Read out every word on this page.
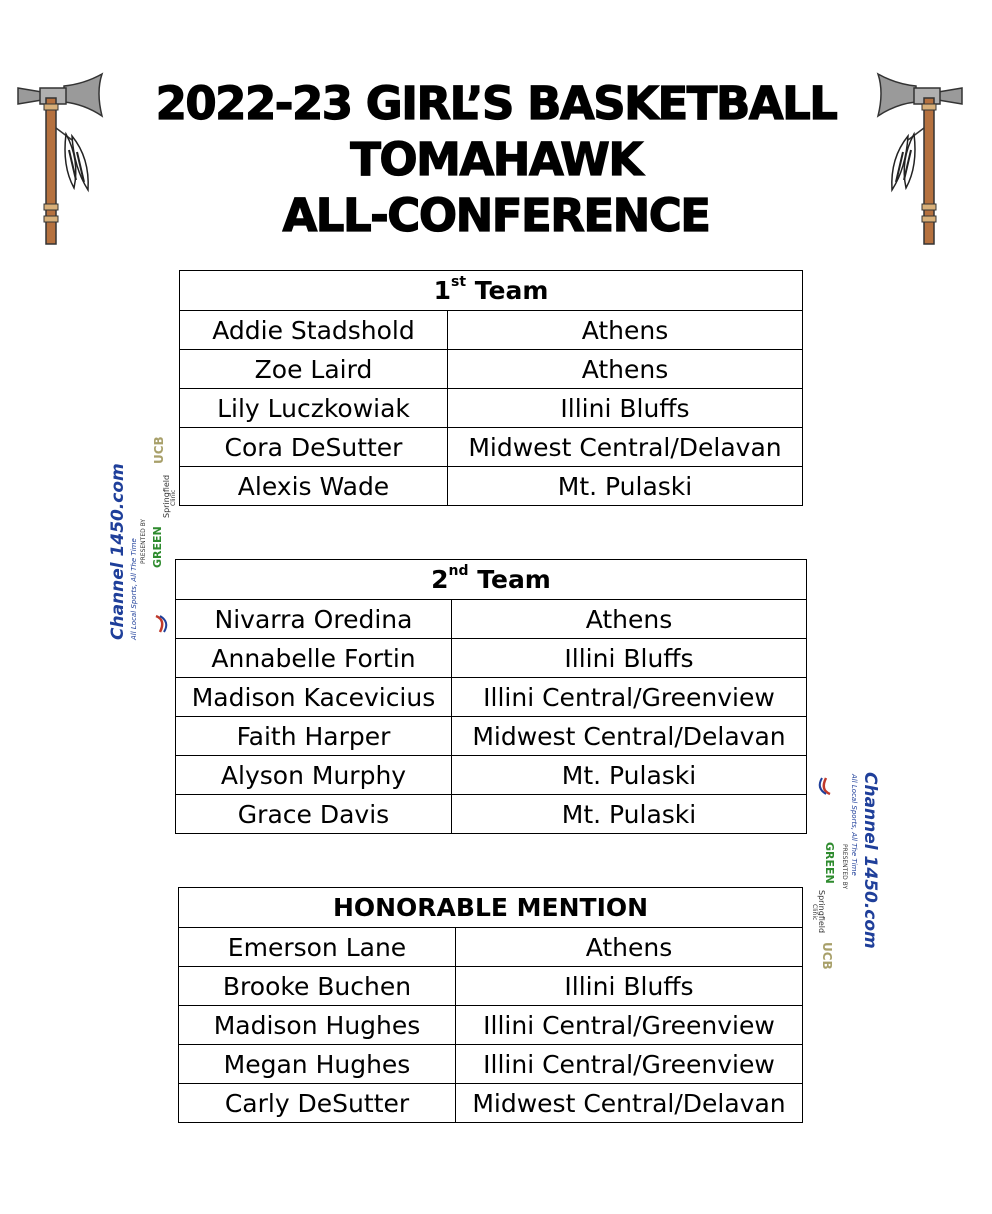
2022-23 GIRL’S BASKETBALL
TOMAHAWK
ALL-CONFERENCE
1st Team	
Addie Stadshold	Athens
Zoe Laird	Athens
Lily Luczkowiak	Illini Bluffs
Cora DeSutter	Midwest Central/Delavan
Alexis Wade	Mt. Pulaski
2nd Team	
Nivarra Oredina	Athens
Annabelle Fortin	Illini Bluffs
Madison Kacevicius	Illini Central/Greenview
Faith Harper	Midwest Central/Delavan
Alyson Murphy	Mt. Pulaski
Grace Davis	Mt. Pulaski
HONORABLE MENTION	
Emerson Lane	Athens
Brooke Buchen	Illini Bluffs
Madison Hughes	Illini Central/Greenview
Megan Hughes	Illini Central/Greenview
Carly DeSutter	Midwest Central/Delavan
Channel 1450.com All Local Sports, All The Time PRESENTED BY GREEN
Springfield Clinic
UCB
Channel 1450.com
All Local Sports, All The Time
PRESENTED BY
GREEN
Springfield
Clinic
UCB
